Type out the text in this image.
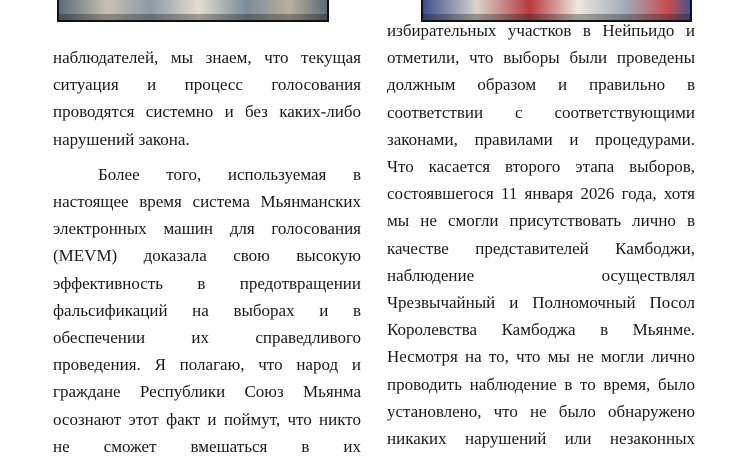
наблюдателей, мы знаем, что текущая
ситуация и процесс голосования
проводятся системно и без каких-либо
нарушений закона.
Более того, используемая в
настоящее время система Мьянманских
электронных машин для голосования
(MEVM) доказала свою высокую
эффективность в предотвращении
фальсификаций на выборах и в
обеспечении их справедливого
проведения. Я полагаю, что народ и
граждане Республики Союз Мьянма
осознают этот факт и поймут, что никто
не сможет вмешаться в их
избирательных участков в Нейпьидо и
отметили, что выборы были проведены
должным образом и правильно в
соответствии с соответствующими
законами, правилами и процедурами.
Что касается второго этапа выборов,
состоявшегося 11 января 2026 года, хотя
мы не смогли присутствовать лично в
качестве представителей Камбоджи,
наблюдение осуществлял
Чрезвычайный и Полномочный Посол
Королевства Камбоджа в Мьянме.
Несмотря на то, что мы не могли лично
проводить наблюдение в то время, было
установлено, что не было обнаружено
никаких нарушений или незаконных
